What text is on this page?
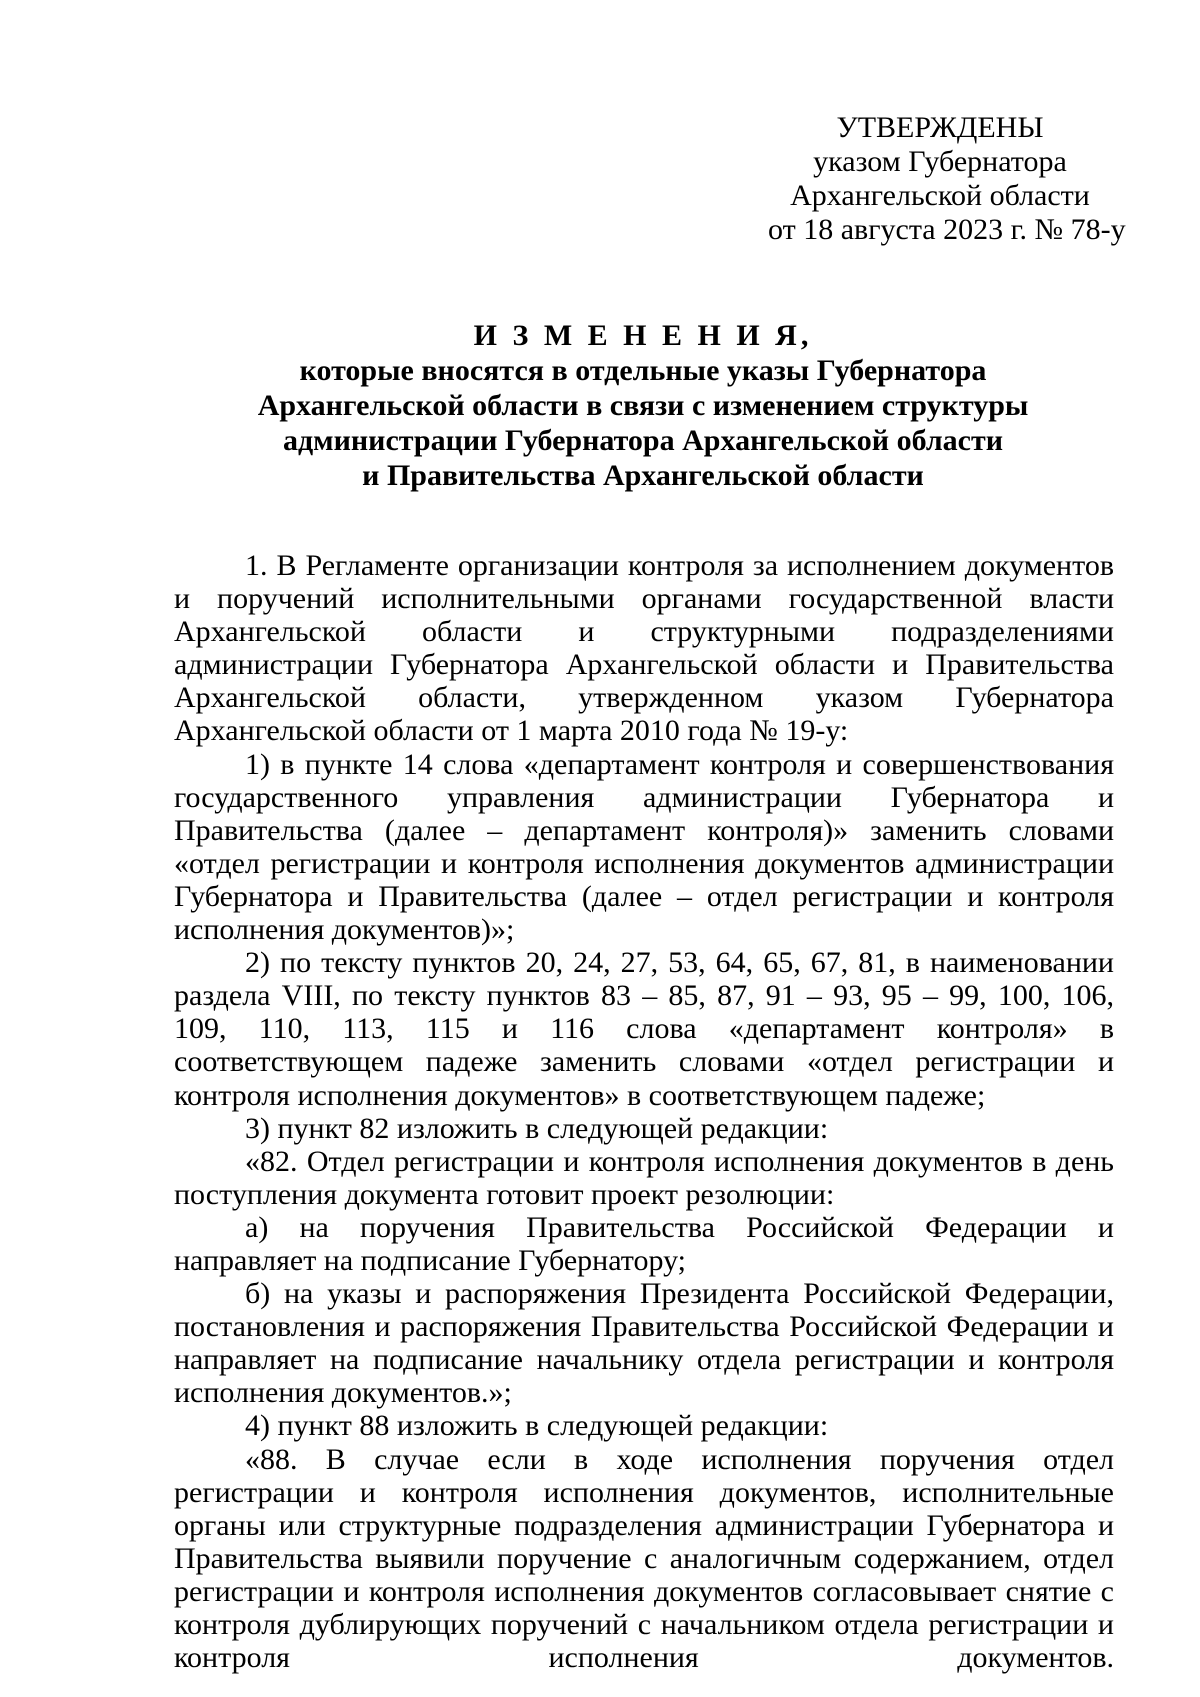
УТВЕРЖДЕНЫ
указом Губернатора
Архангельской области
от 18 августа 2023 г. № 78-у
И З М Е Н Е Н И Я,
которые вносятся в отдельные указы Губернатора
Архангельской области в связи с изменением структуры
администрации Губернатора Архангельской области
и Правительства Архангельской области

1. В Регламенте организации контроля за исполнением документов и поручений исполнительными органами государственной власти Архангельской области и структурными подразделениями администрации Губернатора Архангельской области и Правительства Архангельской области, утвержденном указом Губернатора Архангельской области от 1 марта 2010 года № 19-у:

1) в пункте 14 слова «департамент контроля и совершенствования государственного управления администрации Губернатора и Правительства (далее – департамент контроля)» заменить словами «отдел регистрации и контроля исполнения документов администрации Губернатора и Правительства (далее – отдел регистрации и контроля исполнения документов)»;

2) по тексту пунктов 20, 24, 27, 53, 64, 65, 67, 81, в наименовании раздела VIII, по тексту пунктов 83 – 85, 87, 91 – 93, 95 – 99, 100, 106, 109, 110, 113, 115 и 116 слова «департамент контроля» в соответствующем падеже заменить словами «отдел регистрации и контроля исполнения документов» в соответствующем падеже;

3) пункт 82 изложить в следующей редакции:

«82. Отдел регистрации и контроля исполнения документов в день поступления документа готовит проект резолюции:

а) на поручения Правительства Российской Федерации и направляет на подписание Губернатору;

б) на указы и распоряжения Президента Российской Федерации, постановления и распоряжения Правительства Российской Федерации и направляет на подписание начальнику отдела регистрации и контроля исполнения документов.»;

4) пункт 88 изложить в следующей редакции:

«88. В случае если в ходе исполнения поручения отдел регистрации и контроля исполнения документов, исполнительные органы или структурные подразделения администрации Губернатора и Правительства выявили поручение с аналогичным содержанием, отдел регистрации и контроля исполнения документов согласовывает снятие с контроля дублирующих поручений с начальником отдела регистрации и контроля исполнения документов.
